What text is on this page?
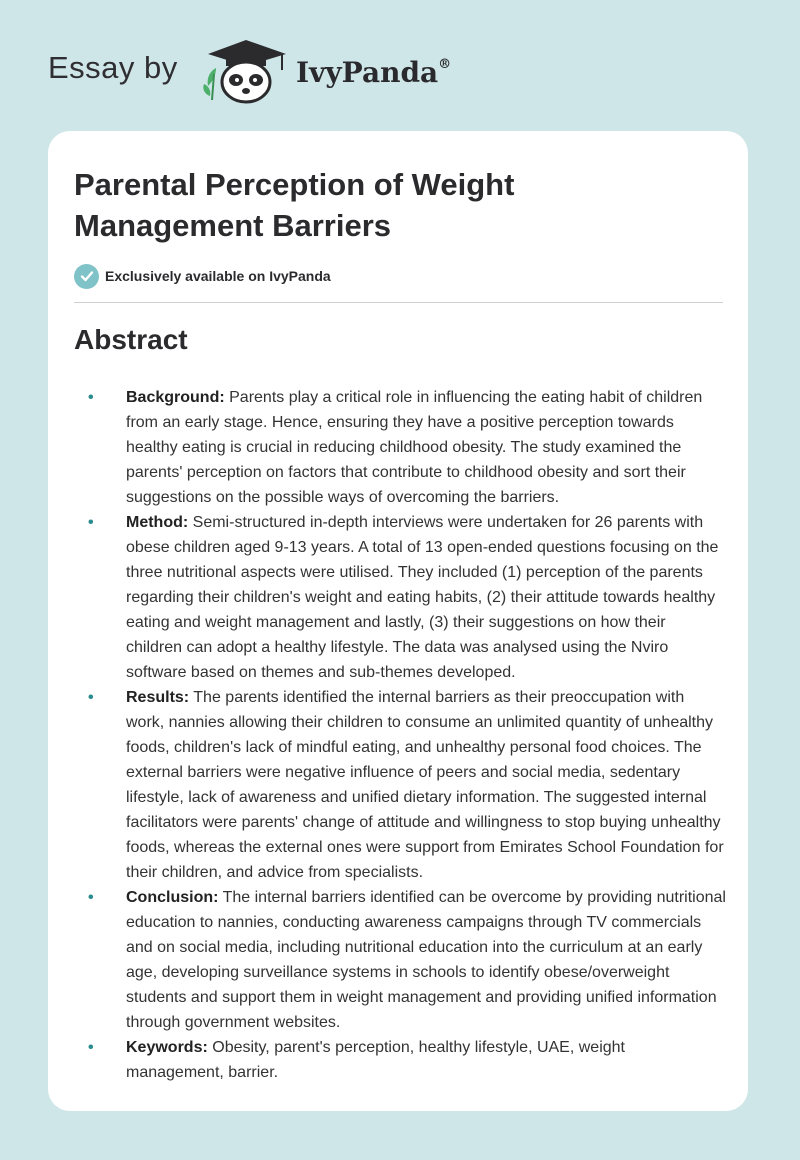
Essay by	IvyPanda®
Parental Perception of Weight Management Barriers
Exclusively available on IvyPanda
Abstract
• Background: Parents play a critical role in influencing the eating habit of children from an early stage. Hence, ensuring they have a positive perception towards healthy eating is crucial in reducing childhood obesity. The study examined the parents' perception on factors that contribute to childhood obesity and sort their suggestions on the possible ways of overcoming the barriers.
• Method: Semi-structured in-depth interviews were undertaken for 26 parents with obese children aged 9-13 years. A total of 13 open-ended questions focusing on the three nutritional aspects were utilised. They included (1) perception of the parents regarding their children's weight and eating habits, (2) their attitude towards healthy eating and weight management and lastly, (3) their suggestions on how their children can adopt a healthy lifestyle. The data was analysed using the Nviro software based on themes and sub-themes developed.
• Results: The parents identified the internal barriers as their preoccupation with work, nannies allowing their children to consume an unlimited quantity of unhealthy foods, children's lack of mindful eating, and unhealthy personal food choices. The external barriers were negative influence of peers and social media, sedentary lifestyle, lack of awareness and unified dietary information. The suggested internal facilitators were parents' change of attitude and willingness to stop buying unhealthy foods, whereas the external ones were support from Emirates School Foundation for their children, and advice from specialists.
• Conclusion: The internal barriers identified can be overcome by providing nutritional education to nannies, conducting awareness campaigns through TV commercials and on social media, including nutritional education into the curriculum at an early age, developing surveillance systems in schools to identify obese/overweight students and support them in weight management and providing unified information through government websites.
• Keywords: Obesity, parent's perception, healthy lifestyle, UAE, weight management, barrier.
